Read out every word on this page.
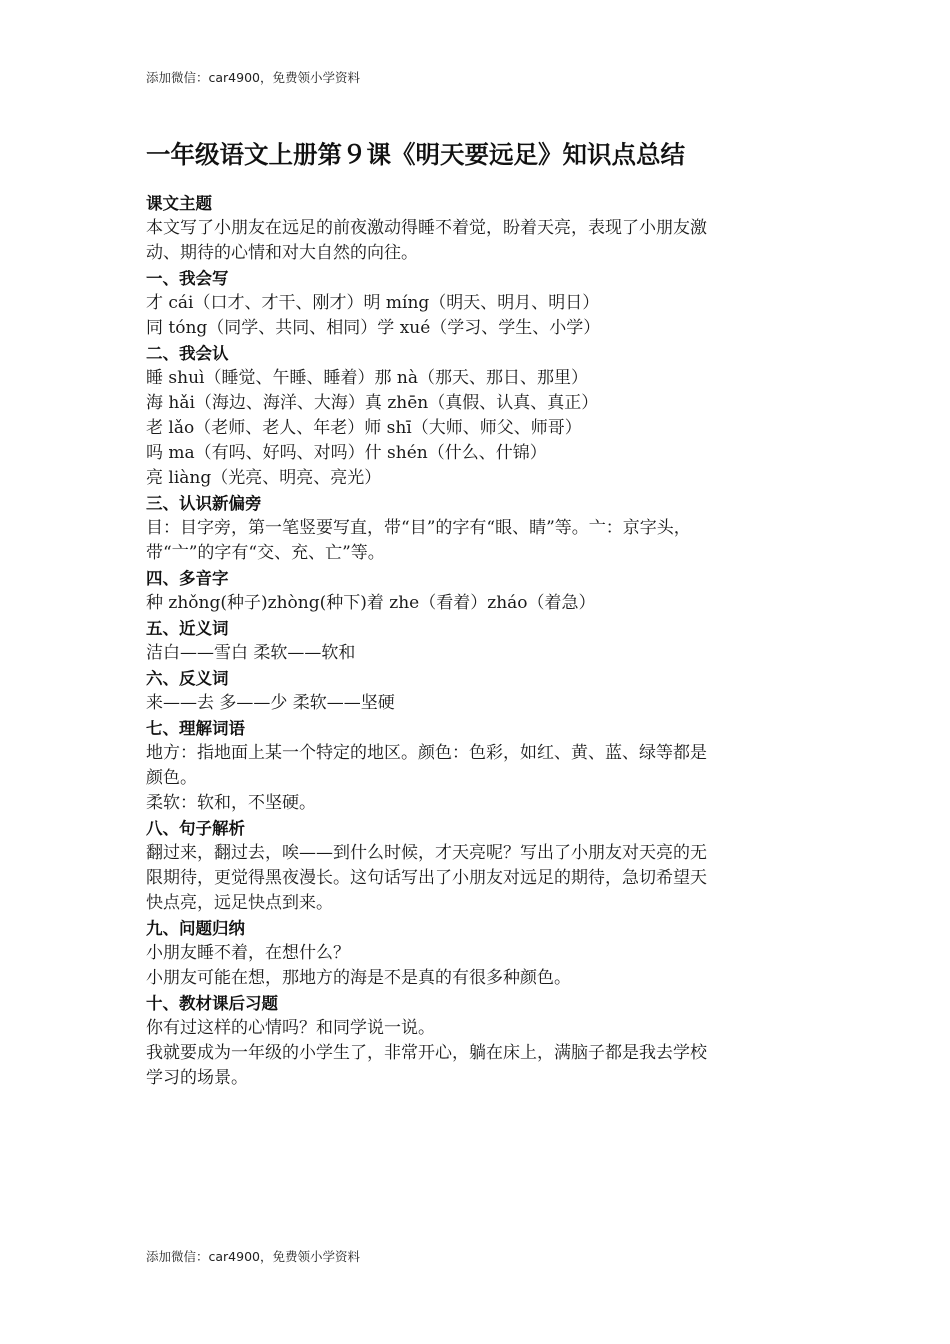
添加微信：car4900，免费领小学资料
一年级语文上册第９课《明天要远足》知识点总结
课文主题
本文写了小朋友在远足的前夜激动得睡不着觉，盼着天亮，表现了小朋友激
动、期待的心情和对大自然的向往。
一、我会写
才 cái（口才、才干、刚才）明 míng（明天、明月、明日）
同 tóng（同学、共同、相同）学 xué（学习、学生、小学）
二、我会认
睡 shuì（睡觉、午睡、睡着）那 nà（那天、那日、那里）
海 hǎi（海边、海洋、大海）真 zhēn（真假、认真、真正）
老 lǎo（老师、老人、年老）师 shī（大师、师父、师哥）
吗 ma（有吗、好吗、对吗）什 shén（什么、什锦）
亮 liàng（光亮、明亮、亮光）
三、认识新偏旁
目：目字旁，第一笔竖要写直，带“目”的字有“眼、睛”等。亠：京字头，
带“亠”的字有“交、充、亡”等。
四、多音字
种 zhǒng(种子)zhòng(种下)着 zhe（看着）zháo（着急）
五、近义词
洁白——雪白 柔软——软和
六、反义词
来——去 多——少 柔软——坚硬
七、理解词语
地方：指地面上某一个特定的地区。颜色：色彩，如红、黄、蓝、绿等都是
颜色。
柔软：软和，不坚硬。
八、句子解析
翻过来，翻过去，唉——到什么时候，才天亮呢？写出了小朋友对天亮的无
限期待，更觉得黑夜漫长。这句话写出了小朋友对远足的期待，急切希望天
快点亮，远足快点到来。
九、问题归纳
小朋友睡不着，在想什么？
小朋友可能在想，那地方的海是不是真的有很多种颜色。
十、教材课后习题
你有过这样的心情吗？和同学说一说。
我就要成为一年级的小学生了，非常开心，躺在床上，满脑子都是我去学校
学习的场景。
添加微信：car4900，免费领小学资料
